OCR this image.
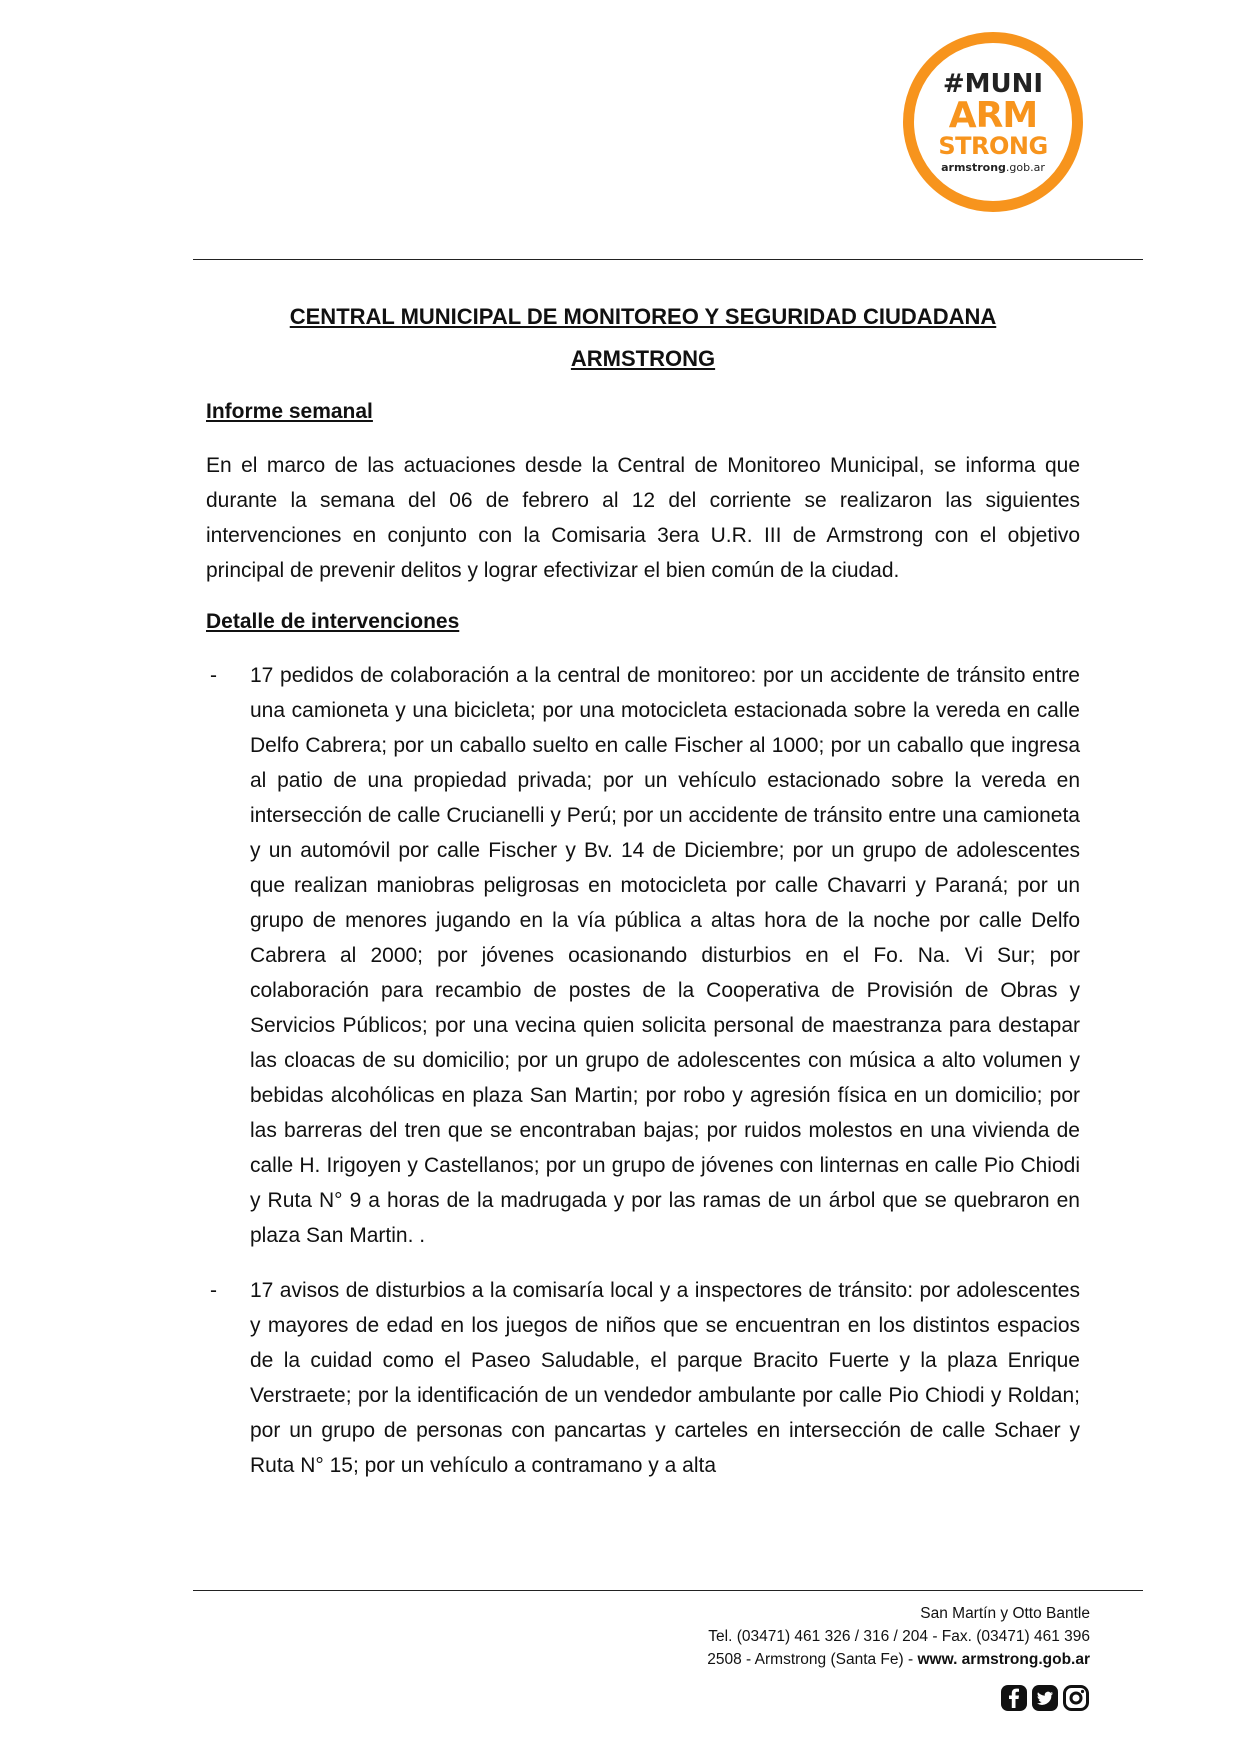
#MUNI
ARM
STRONG
armstrong.gob.ar
CENTRAL MUNICIPAL DE MONITOREO Y SEGURIDAD CIUDADANA
ARMSTRONG

Informe semanal

En el marco de las actuaciones desde la Central de Monitoreo Municipal, se informa que durante la semana del 06 de febrero al 12 del corriente se realizaron las siguientes intervenciones en conjunto con la Comisaria 3era U.R. III de Armstrong con el objetivo principal de prevenir delitos y lograr efectivizar el bien común de la ciudad.

Detalle de intervenciones

- 17 pedidos de colaboración a la central de monitoreo: por un accidente de tránsito entre una camioneta y una bicicleta; por una motocicleta estacionada sobre la vereda en calle Delfo Cabrera; por un caballo suelto en calle Fischer al 1000; por un caballo que ingresa al patio de una propiedad privada; por un vehículo estacionado sobre la vereda en intersección de calle Crucianelli y Perú; por un accidente de tránsito entre una camioneta y un automóvil por calle Fischer y Bv. 14 de Diciembre; por un grupo de adolescentes que realizan maniobras peligrosas en motocicleta por calle Chavarri y Paraná; por un grupo de menores jugando en la vía pública a altas hora de la noche por calle Delfo Cabrera al 2000; por jóvenes ocasionando disturbios en el Fo. Na. Vi Sur; por colaboración para recambio de postes de la Cooperativa de Provisión de Obras y Servicios Públicos; por una vecina quien solicita personal de maestranza para destapar las cloacas de su domicilio; por un grupo de adolescentes con música a alto volumen y bebidas alcohólicas en plaza San Martin; por robo y agresión física en un domicilio; por las barreras del tren que se encontraban bajas; por ruidos molestos en una vivienda de calle H. Irigoyen y Castellanos; por un grupo de jóvenes con linternas en calle Pio Chiodi y Ruta N° 9 a horas de la madrugada y por las ramas de un árbol que se quebraron en plaza San Martin. .
- 17 avisos de disturbios a la comisaría local y a inspectores de tránsito: por adolescentes y mayores de edad en los juegos de niños que se encuentran en los distintos espacios de la cuidad como el Paseo Saludable, el parque Bracito Fuerte y la plaza Enrique Verstraete; por la identificación de un vendedor ambulante por calle Pio Chiodi y Roldan; por un grupo de personas con pancartas y carteles en intersección de calle Schaer y Ruta N° 15; por un vehículo a contramano y a alta
San Martín y Otto Bantle
Tel. (03471) 461 326 / 316 / 204 - Fax. (03471) 461 396
2508 - Armstrong (Santa Fe) - www. armstrong.gob.ar
